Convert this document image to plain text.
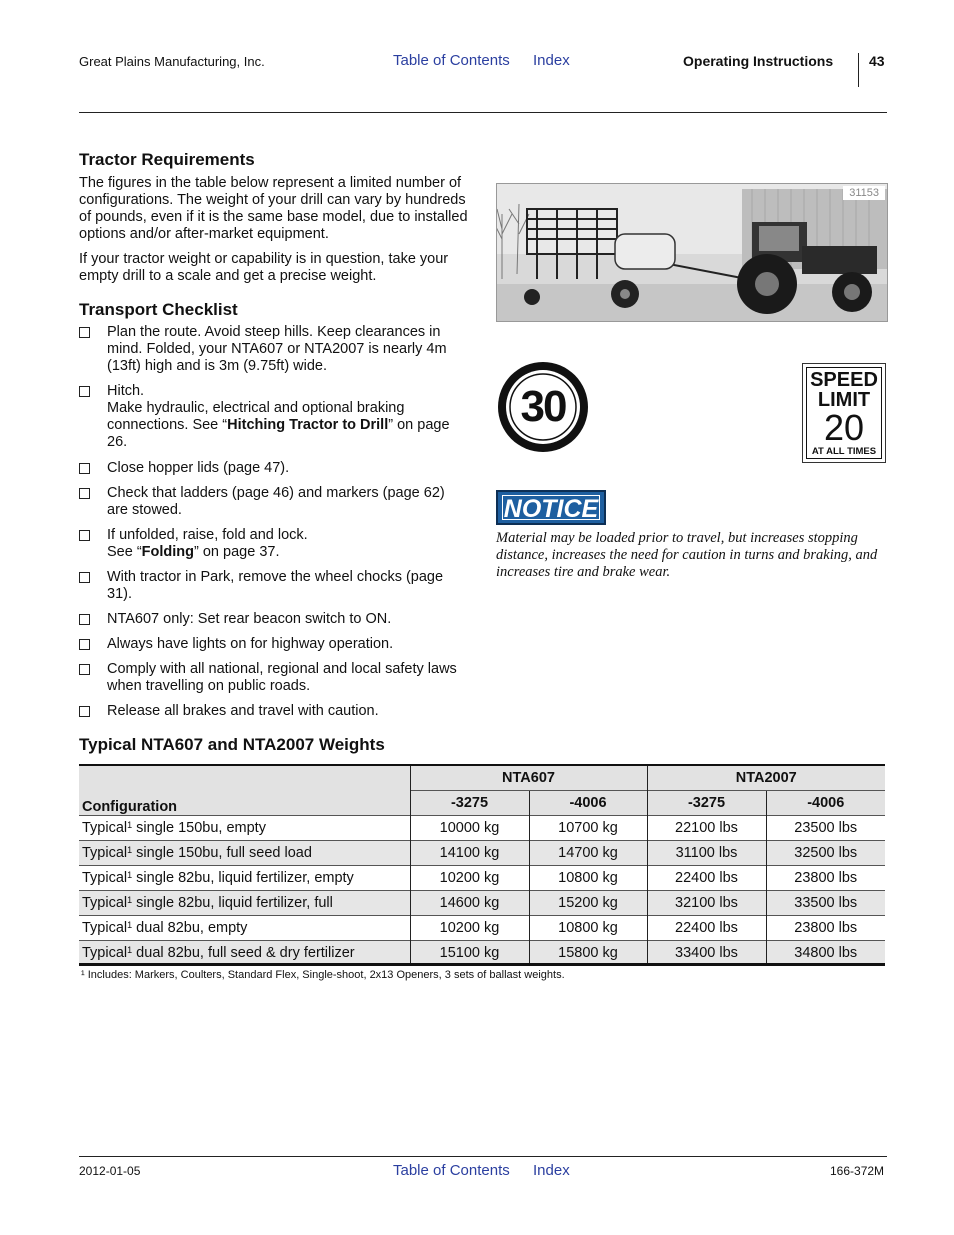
Great Plains Manufacturing, Inc.	Table of Contents Index	Operating Instructions	43
Tractor Requirements

The figures in the table below represent a limited number of configurations. The weight of your drill can vary by hundreds of pounds, even if it is the same base model, due to installed options and/or after-market equipment.

If your tractor weight or capability is in question, take your empty drill to a scale and get a precise weight.

Transport Checklist
Plan the route. Avoid steep hills. Keep clearances in mind. Folded, your NTA607 or NTA2007 is nearly 4m (13ft) high and is 3m (9.75ft) wide.
Hitch.
Make hydraulic, electrical and optional braking connections. See “Hitching Tractor to Drill” on page 26.
Close hopper lids (page 47).
Check that ladders (page 46) and markers (page 62) are stowed.
If unfolded, raise, fold and lock.
See “Folding” on page 37.
With tractor in Park, remove the wheel chocks (page 31).
NTA607 only: Set rear beacon switch to ON.
Always have lights on for highway operation.
Comply with all national, regional and local safety laws when travelling on public roads.
Release all brakes and travel with caution.
31153
30
SPEED
LIMIT
20
AT ALL TIMES
NOTICE
Material may be loaded prior to travel, but increases stopping distance, increases the need for caution in turns and braking, and increases tire and brake wear.
Typical NTA607 and NTA2007 Weights
Configuration	NTA607		NTA2007	
	-3275	-4006	-3275	-4006
Typical$^1$ single 150bu, empty	10000 kg	10700 kg	22100 lbs	23500 lbs
Typical$^1$ single 150bu, full seed load	14100 kg	14700 kg	31100 lbs	32500 lbs
Typical$^1$ single 82bu, liquid fertilizer, empty	10200 kg	10800 kg	22400 lbs	23800 lbs
Typical$^1$ single 82bu, liquid fertilizer, full	14600 kg	15200 kg	32100 lbs	33500 lbs
Typical$^1$ dual 82bu, empty	10200 kg	10800 kg	22400 lbs	23800 lbs
Typical$^1$ dual 82bu, full seed & dry fertilizer	15100 kg	15800 kg	33400 lbs	34800 lbs
¹ Includes: Markers, Coulters, Standard Flex, Single-shoot, 2x13 Openers, 3 sets of ballast weights.
2012-01-05	Table of Contents Index	166-372M
